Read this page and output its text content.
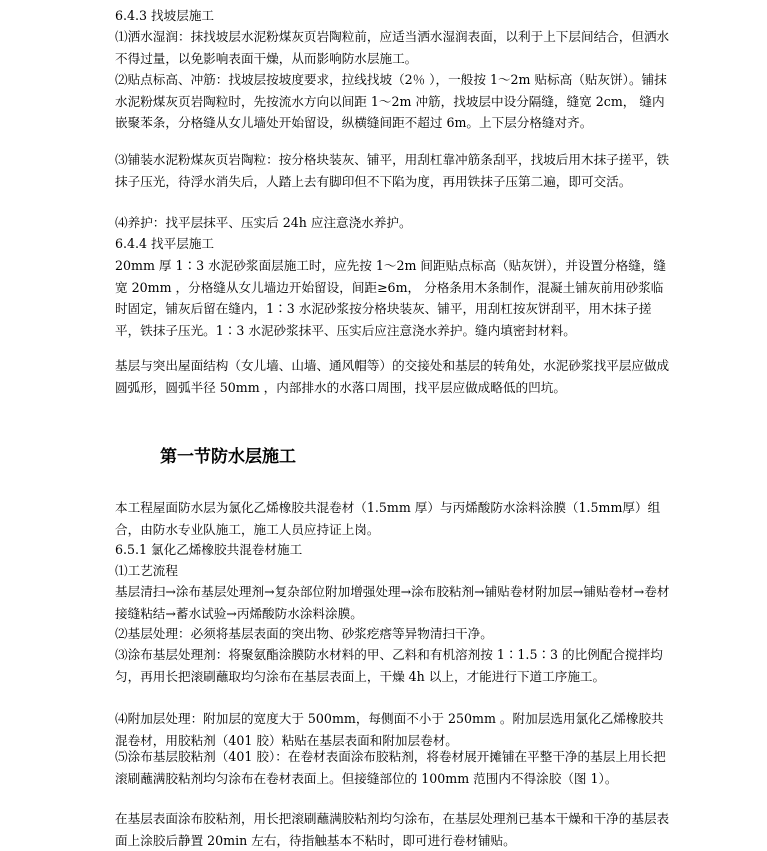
6.4.3 找坡层施工
⑴洒水湿润：抹找坡层水泥粉煤灰页岩陶粒前，应适当洒水湿润表面，以利于上下层间结合，但洒水不得过量，以免影响表面干燥，从而影响防水层施工。
⑵贴点标高、冲筋：找坡层按坡度要求，拉线找坡（2％ ），一般按 1～2m 贴标高（贴灰饼）。铺抹水泥粉煤灰页岩陶粒时，先按流水方向以间距 1～2m 冲筋，找坡层中设分隔缝，缝宽 2cm， 缝内嵌聚苯条，分格缝从女儿墙处开始留设，纵横缝间距不超过 6m。上下层分格缝对齐。
⑶铺装水泥粉煤灰页岩陶粒：按分格块装灰、铺平，用刮杠靠冲筋条刮平，找坡后用木抹子搓平，铁抹子压光，待浮水消失后，人踏上去有脚印但不下陷为度，再用铁抹子压第二遍，即可交活。
⑷养护：找平层抹平、压实后 24h 应注意浇水养护。
6.4.4 找平层施工
20mm 厚 1∶3 水泥砂浆面层施工时，应先按 1～2m 间距贴点标高（贴灰饼），并设置分格缝，缝宽 20mm ，分格缝从女儿墙边开始留设，间距≥6m， 分格条用木条制作，混凝土铺灰前用砂浆临时固定，铺灰后留在缝内，1∶3 水泥砂浆按分格块装灰、铺平，用刮杠按灰饼刮平，用木抹子搓平，铁抹子压光。1∶3 水泥砂浆抹平、压实后应注意浇水养护。缝内填密封材料。
基层与突出屋面结构（女儿墙、山墙、通风帽等）的交接处和基层的转角处，水泥砂浆找平层应做成圆弧形，圆弧半径 50mm ，内部排水的水落口周围，找平层应做成略低的凹坑。
第一节防水层施工
本工程屋面防水层为氯化乙烯橡胶共混卷材（1.5mm 厚）与丙烯酸防水涂料涂膜（1.5mm厚）组合，由防水专业队施工，施工人员应持证上岗。
6.5.1 氯化乙烯橡胶共混卷材施工
⑴工艺流程
基层清扫→涂布基层处理剂→复杂部位附加增强处理→涂布胶粘剂→铺贴卷材附加层→铺贴卷材→卷材接缝粘结→蓄水试验→丙烯酸防水涂料涂膜。
⑵基层处理：必须将基层表面的突出物、砂浆疙瘩等异物清扫干净。
⑶涂布基层处理剂：将聚氨酯涂膜防水材料的甲、乙料和有机溶剂按 1∶1.5∶3 的比例配合搅拌均匀，再用长把滚刷蘸取均匀涂布在基层表面上，干燥 4h 以上，才能进行下道工序施工。
⑷附加层处理：附加层的宽度大于 500mm，每侧面不小于 250mm 。附加层选用氯化乙烯橡胶共混卷材，用胶粘剂（401 胶）粘贴在基层表面和附加层卷材。
⑸涂布基层胶粘剂（401 胶）：在卷材表面涂布胶粘剂，将卷材展开摊铺在平整干净的基层上用长把滚刷蘸满胶粘剂均匀涂布在卷材表面上。但接缝部位的 100mm 范围内不得涂胶（图 1）。
在基层表面涂布胶粘剂，用长把滚刷蘸满胶粘剂均匀涂布，在基层处理剂已基本干燥和干净的基层表面上涂胶后静置 20min 左右，待指触基本不粘时，即可进行卷材铺贴。
